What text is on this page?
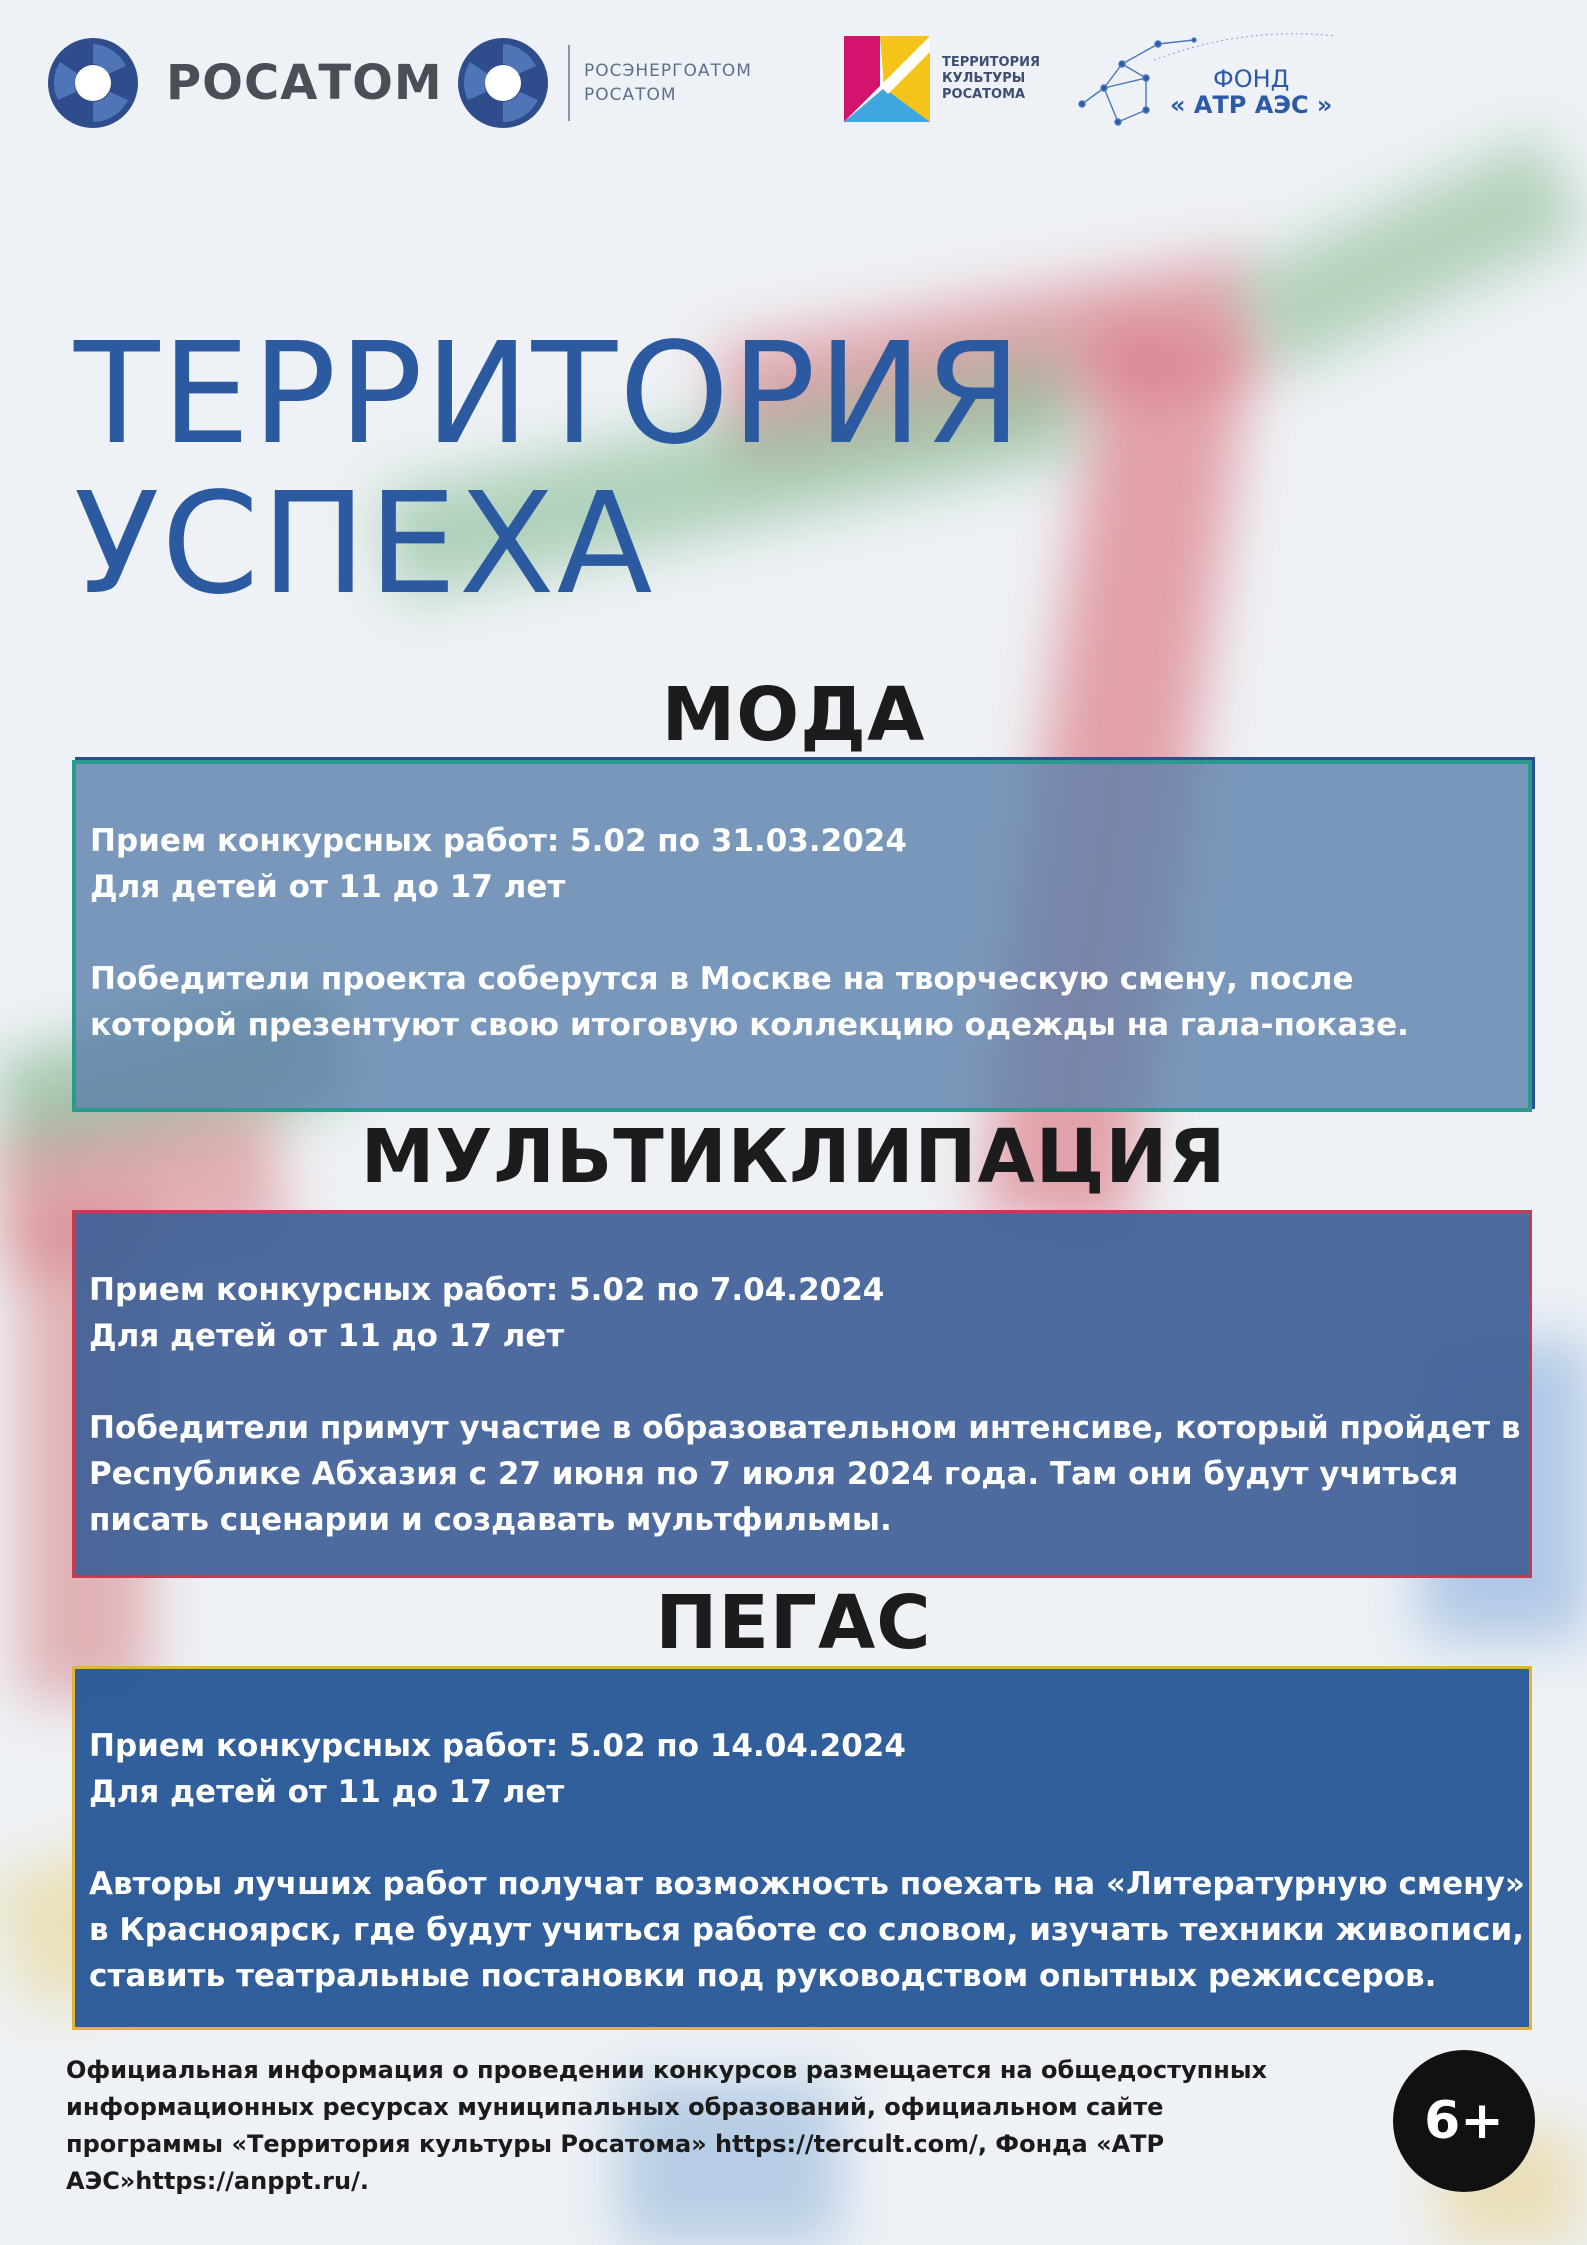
РОСАТОМ	РОСЭНЕРГОАТОМ
РОСАТОМ
ТЕРРИТОРИЯ
КУЛЬТУРЫ
РОСАТОМА
ФОНД
« АТР АЭС »
ТЕРРИТОРИЯ
УСПЕХА
МОДА

Прием конкурсных работ: 5.02 по 31.03.2024

Для детей от 11 до 17 лет

Победители проекта соберутся в Москве на творческую смену, после

которой презентуют свою итоговую коллекцию одежды на гала-показе.

МУЛЬТИКЛИПАЦИЯ

Прием конкурсных работ: 5.02 по 7.04.2024

Для детей от 11 до 17 лет

Победители примут участие в образовательном интенсиве, который пройдет в

Республике Абхазия с 27 июня по 7 июля 2024 года. Там они будут учиться

писать сценарии и создавать мультфильмы.

ПЕГАС

Прием конкурсных работ: 5.02 по 14.04.2024

Для детей от 11 до 17 лет

Авторы лучших работ получат возможность поехать на «Литературную смену»

в Красноярск, где будут учиться работе со словом, изучать техники живописи,

ставить театральные постановки под руководством опытных режиссеров.

Официальная информация о проведении конкурсов размещается на общедоступных

информационных ресурсах муниципальных образований, официальном сайте

программы «Территория культуры Росатома» https://tercult.com/, Фонда «АТР

АЭС»https://anppt.ru/.

6+
